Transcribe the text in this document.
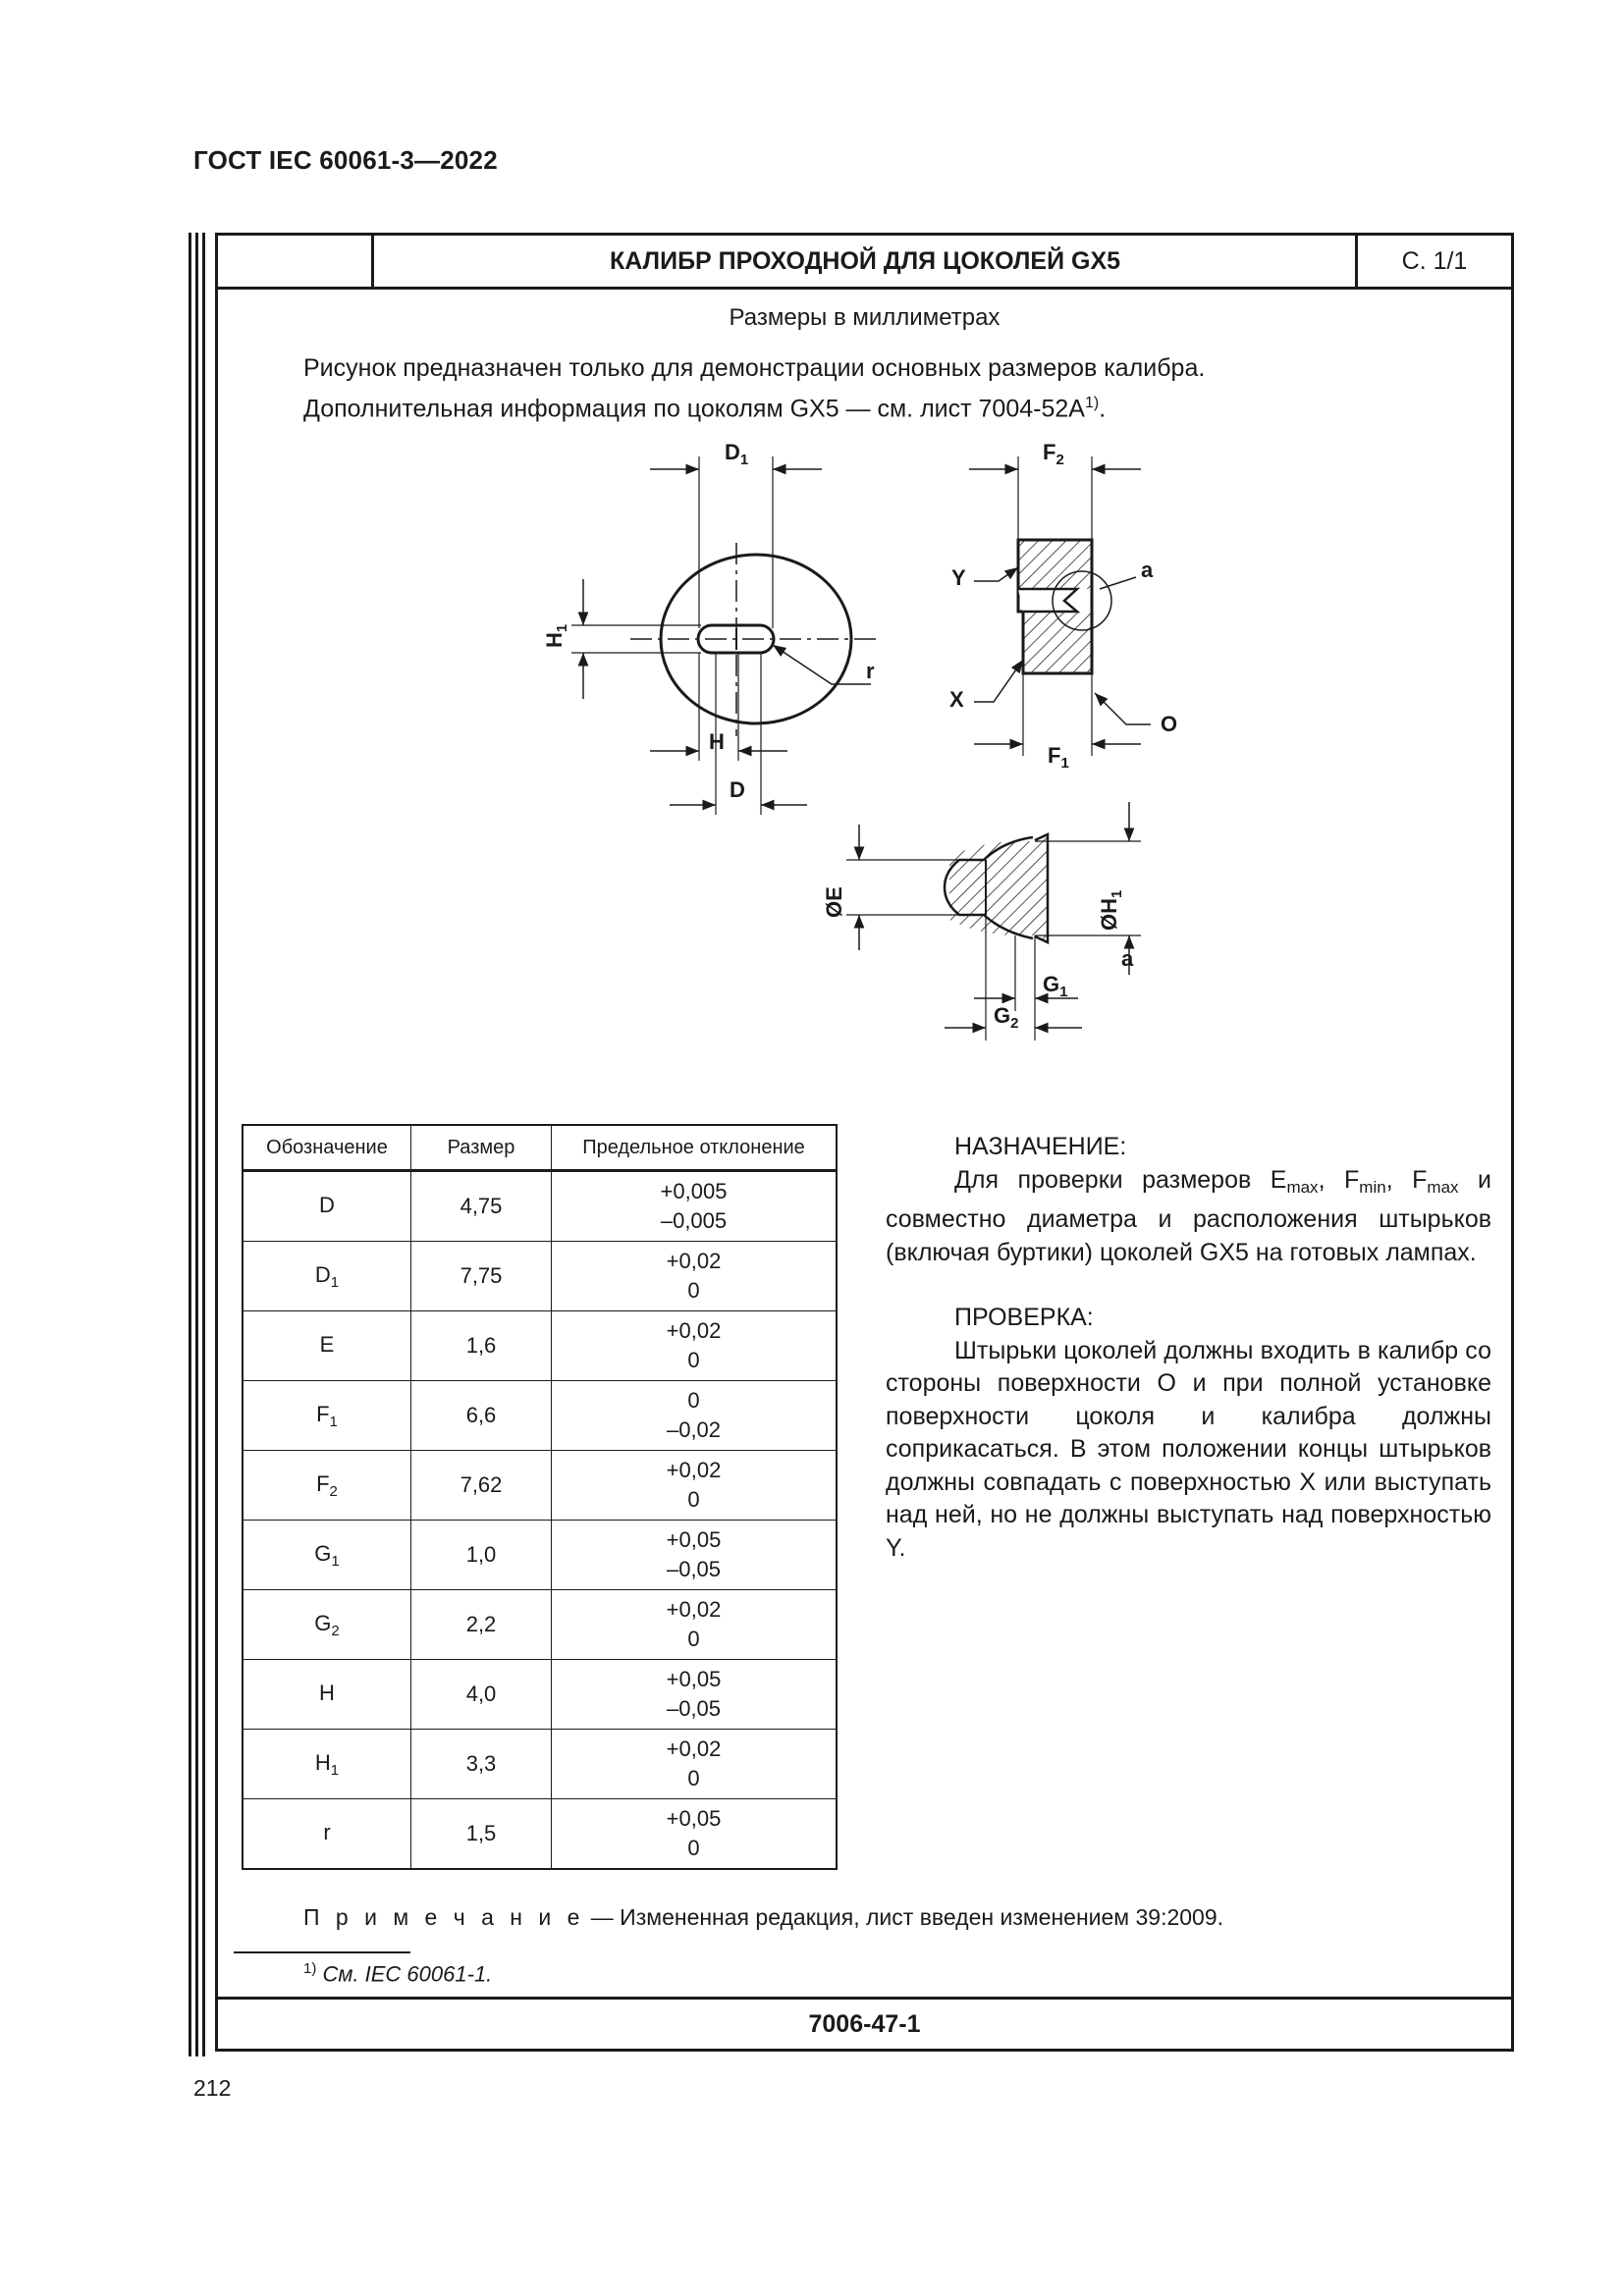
ГОСТ IEC 60061-3—2022
КАЛИБР ПРОХОДНОЙ ДЛЯ ЦОКОЛЕЙ GX5	С. 1/1
Размеры в миллиметрах
Рисунок предназначен только для демонстрации основных размеров калибра.
Дополнительная информация по цоколям GX5 — см. лист $7004-52А^{1)}$.
$D_1$
$H_1$
H
D
r
$F_2$
Y
X
O
a
$F_1$
ØE	$ØH_1$
$G_1$
$G_2$
a
Обозначение	Размер	Предельное отклонение
D	4,75	+0,005
–0,005

$D_1$	7,75	+0,02
0

E	1,6	+0,02
0

$F_1$	6,6	0
–0,02

$F_2$	7,62	+0,02
0

$G_1$	1,0	+0,05
–0,05

$G_2$	2,2	+0,02
0

H	4,0	+0,05
–0,05

$H_1$	3,3	+0,02
0

r	1,5	+0,05
0

НАЗНАЧЕНИЕ:

Для проверки размеров $E_{max}$, $F_{min}$, $F_{max}$ и совместно диаметра и расположения штырьков (включая буртики) цоколей GX5 на готовых лампах.

ПРОВЕРКА:

Штырьки цоколей должны входить в калибр со стороны поверхности O и при полной установке поверхности цоколя и калибра должны соприкасаться. В этом положении концы штырьков должны совпадать с поверхностью X или выступать над ней, но не должны выступать над поверхностью Y.

П р и м е ч а н и е — Измененная редакция, лист введен изменением 39:2009.
$^{1)}$ См. IEC 60061-1.
7006-47-1
212
